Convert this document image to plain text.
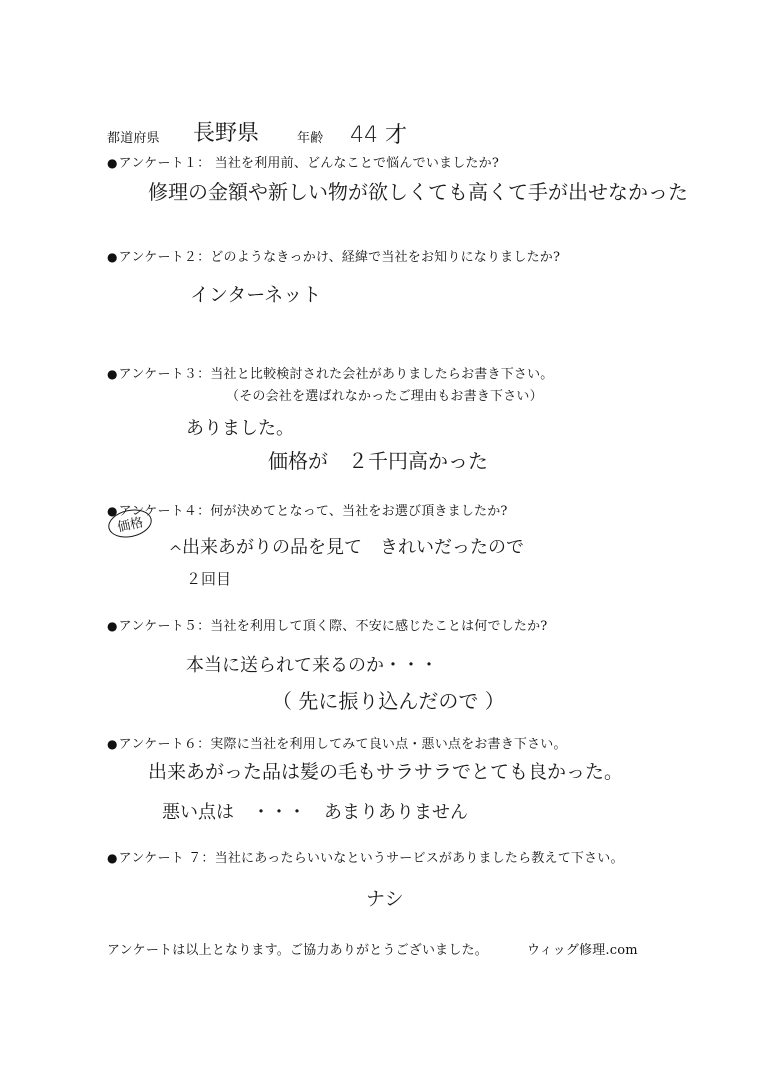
都道府県 長野県	年齢 44 才
●アンケート１： 当社を利用前、どんなことで悩んでいましたか?
修理の金額や新しい物が欲しくても高くて手が出せなかった
●アンケート２：どのようなきっかけ、経緯で当社をお知りになりましたか?
インターネット
●アンケート３：当社と比較検討された会社がありましたらお書き下さい。
（その会社を選ばれなかったご理由もお書き下さい）
ありました。
価格が　２千円高かった
●アンケート４：何が決めてとなって、当社をお選び頂きましたか?
価格
^
出来あがりの品を見て　きれいだったので
２回目
●アンケート５：当社を利用して頂く際、不安に感じたことは何でしたか?
本当に送られて来るのか・・・
（ 先に振り込んだので ）
●アンケート６：実際に当社を利用してみて良い点・悪い点をお書き下さい。
出来あがった品は髪の毛もサラサラでとても良かった。
悪い点は　・・・　あまりありません
●アンケート ７：当社にあったらいいなというサービスがありましたら教えて下さい。
ナシ
アンケートは以上となります。ご協力ありがとうございました。	ウィッグ修理.com
